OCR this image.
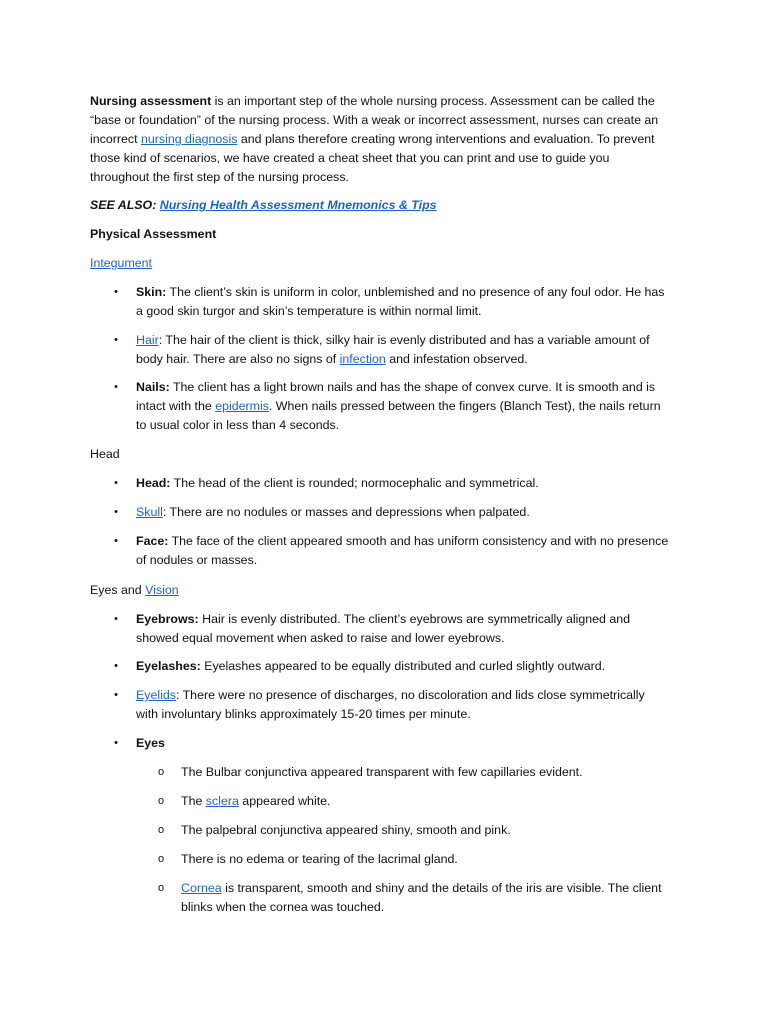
Nursing assessment is an important step of the whole nursing process. Assessment can be called the
“base or foundation” of the nursing process. With a weak or incorrect assessment, nurses can create an
incorrect nursing diagnosis and plans therefore creating wrong interventions and evaluation. To prevent
those kind of scenarios, we have created a cheat sheet that you can print and use to guide you
throughout the first step of the nursing process.

SEE ALSO: Nursing Health Assessment Mnemonics & Tips

Physical Assessment

Integument

• Skin: The client’s skin is uniform in color, unblemished and no presence of any foul odor. He has
a good skin turgor and skin’s temperature is within normal limit.

• Hair: The hair of the client is thick, silky hair is evenly distributed and has a variable amount of
body hair. There are also no signs of infection and infestation observed.

• Nails: The client has a light brown nails and has the shape of convex curve. It is smooth and is
intact with the epidermis. When nails pressed between the fingers (Blanch Test), the nails return
to usual color in less than 4 seconds.

Head

• Head: The head of the client is rounded; normocephalic and symmetrical.

• Skull: There are no nodules or masses and depressions when palpated.

• Face: The face of the client appeared smooth and has uniform consistency and with no presence
of nodules or masses.

Eyes and Vision

• Eyebrows: Hair is evenly distributed. The client’s eyebrows are symmetrically aligned and
showed equal movement when asked to raise and lower eyebrows.

• Eyelashes: Eyelashes appeared to be equally distributed and curled slightly outward.

• Eyelids: There were no presence of discharges, no discoloration and lids close symmetrically
with involuntary blinks approximately 15-20 times per minute.

• Eyes

o The Bulbar conjunctiva appeared transparent with few capillaries evident.

o The sclera appeared white.

o The palpebral conjunctiva appeared shiny, smooth and pink.

o There is no edema or tearing of the lacrimal gland.

o Cornea is transparent, smooth and shiny and the details of the iris are visible. The client
blinks when the cornea was touched.
